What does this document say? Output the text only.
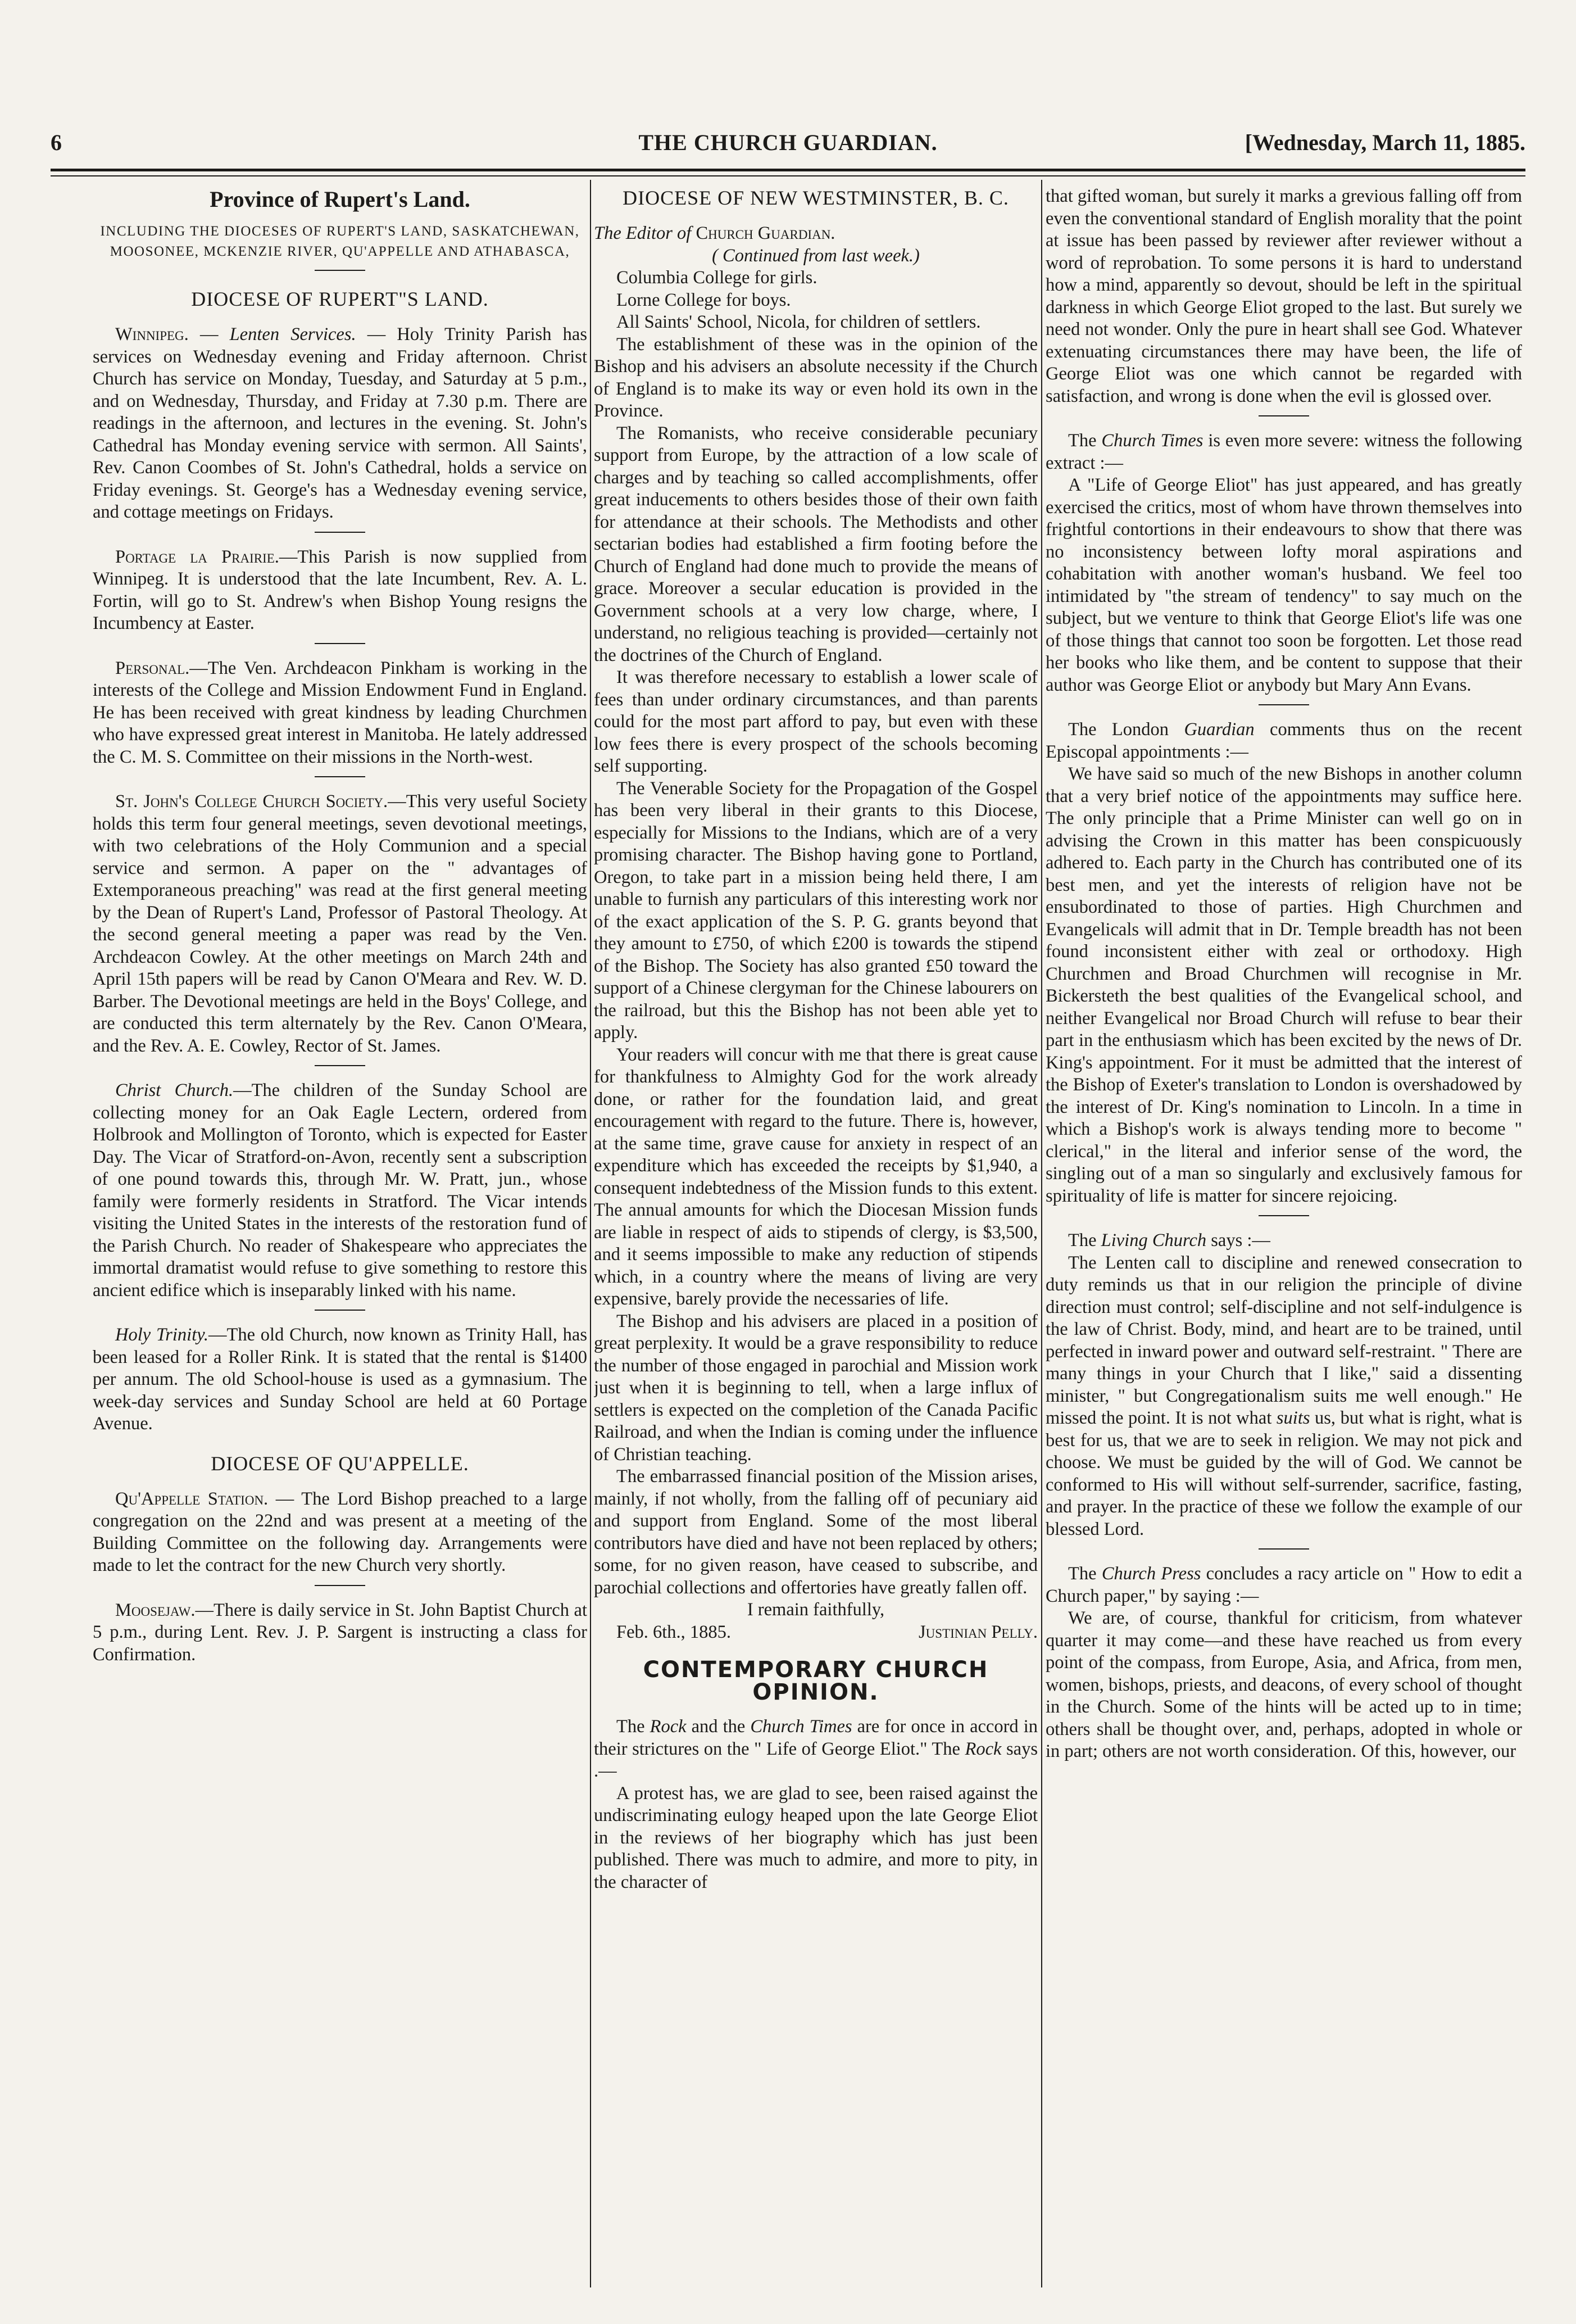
6	THE CHURCH GUARDIAN.	[Wednesday, March 11, 1885.
Province of Rupert's Land.
INCLUDING THE DIOCESES OF RUPERT'S LAND, SASKATCHEWAN, MOOSONEE, MCKENZIE RIVER, QU'APPELLE AND ATHABASCA,
DIOCESE OF RUPERT"S LAND.

Winnipeg. — Lenten Services. — Holy Trinity Parish has services on Wednesday evening and Friday afternoon. Christ Church has service on Monday, Tuesday, and Saturday at 5 p.m., and on Wednesday, Thursday, and Friday at 7.30 p.m. There are readings in the afternoon, and lectures in the evening. St. John's Cathedral has Monday evening service with sermon. All Saints', Rev. Canon Coombes of St. John's Cathedral, holds a service on Friday evenings. St. George's has a Wednesday evening service, and cottage meetings on Fridays.

Portage la Prairie.—This Parish is now supplied from Winnipeg. It is understood that the late Incumbent, Rev. A. L. Fortin, will go to St. Andrew's when Bishop Young resigns the Incumbency at Easter.

Personal.—The Ven. Archdeacon Pinkham is working in the interests of the College and Mission Endowment Fund in England. He has been received with great kindness by leading Churchmen who have expressed great interest in Manitoba. He lately addressed the C. M. S. Committee on their missions in the North-west.

St. John's College Church Society.—This very useful Society holds this term four general meetings, seven devotional meetings, with two celebrations of the Holy Communion and a special service and sermon. A paper on the " advantages of Extemporaneous preaching" was read at the first general meeting by the Dean of Rupert's Land, Professor of Pastoral Theology. At the second general meeting a paper was read by the Ven. Archdeacon Cowley. At the other meetings on March 24th and April 15th papers will be read by Canon O'Meara and Rev. W. D. Barber. The Devotional meetings are held in the Boys' College, and are conducted this term alternately by the Rev. Canon O'Meara, and the Rev. A. E. Cowley, Rector of St. James.

Christ Church.—The children of the Sunday School are collecting money for an Oak Eagle Lectern, ordered from Holbrook and Mollington of Toronto, which is expected for Easter Day. The Vicar of Stratford-on-Avon, recently sent a subscription of one pound towards this, through Mr. W. Pratt, jun., whose family were formerly residents in Stratford. The Vicar intends visiting the United States in the interests of the restoration fund of the Parish Church. No reader of Shakespeare who appreciates the immortal dramatist would refuse to give something to restore this ancient edifice which is inseparably linked with his name.

Holy Trinity.—The old Church, now known as Trinity Hall, has been leased for a Roller Rink. It is stated that the rental is $1400 per annum. The old School-house is used as a gymnasium. The week-day services and Sunday School are held at 60 Portage Avenue.

DIOCESE OF QU'APPELLE.

Qu'Appelle Station. — The Lord Bishop preached to a large congregation on the 22nd and was present at a meeting of the Building Committee on the following day. Arrangements were made to let the contract for the new Church very shortly.

Moosejaw.—There is daily service in St. John Baptist Church at 5 p.m., during Lent. Rev. J. P. Sargent is instructing a class for Confirmation.

DIOCESE OF NEW WESTMINSTER, B. C.

The Editor of Church Guardian.

( Continued from last week.)

Columbia College for girls.

Lorne College for boys.

All Saints' School, Nicola, for children of settlers.

The establishment of these was in the opinion of the Bishop and his advisers an absolute necessity if the Church of England is to make its way or even hold its own in the Province.

The Romanists, who receive considerable pecuniary support from Europe, by the attraction of a low scale of charges and by teaching so called accomplishments, offer great inducements to others besides those of their own faith for attendance at their schools. The Methodists and other sectarian bodies had established a firm footing before the Church of England had done much to provide the means of grace. Moreover a secular education is provided in the Government schools at a very low charge, where, I understand, no religious teaching is provided—certainly not the doctrines of the Church of England.

It was therefore necessary to establish a lower scale of fees than under ordinary circumstances, and than parents could for the most part afford to pay, but even with these low fees there is every prospect of the schools becoming self supporting.

The Venerable Society for the Propagation of the Gospel has been very liberal in their grants to this Diocese, especially for Missions to the Indians, which are of a very promising character. The Bishop having gone to Portland, Oregon, to take part in a mission being held there, I am unable to furnish any particulars of this interesting work nor of the exact application of the S. P. G. grants beyond that they amount to £750, of which £200 is towards the stipend of the Bishop. The Society has also granted £50 toward the support of a Chinese clergyman for the Chinese labourers on the railroad, but this the Bishop has not been able yet to apply.

Your readers will concur with me that there is great cause for thankfulness to Almighty God for the work already done, or rather for the foundation laid, and great encouragement with regard to the future. There is, however, at the same time, grave cause for anxiety in respect of an expenditure which has exceeded the receipts by $1,940, a consequent indebtedness of the Mission funds to this extent. The annual amounts for which the Diocesan Mission funds are liable in respect of aids to stipends of clergy, is $3,500, and it seems impossible to make any reduction of stipends which, in a country where the means of living are very expensive, barely provide the necessaries of life.

The Bishop and his advisers are placed in a position of great perplexity. It would be a grave responsibility to reduce the number of those engaged in parochial and Mission work just when it is beginning to tell, when a large influx of settlers is expected on the completion of the Canada Pacific Railroad, and when the Indian is coming under the influence of Christian teaching.

The embarrassed financial position of the Mission arises, mainly, if not wholly, from the falling off of pecuniary aid and support from England. Some of the most liberal contributors have died and have not been replaced by others; some, for no given reason, have ceased to subscribe, and parochial collections and offertories have greatly fallen off.

I remain faithfully,

Feb. 6th., 1885.	Justinian Pelly.

CONTEMPORARY CHURCH OPINION.

The Rock and the Church Times are for once in accord in their strictures on the " Life of George Eliot." The Rock says .—

A protest has, we are glad to see, been raised against the undiscriminating eulogy heaped upon the late George Eliot in the reviews of her biography which has just been published. There was much to admire, and more to pity, in the character of

that gifted woman, but surely it marks a grevious falling off from even the conventional standard of English morality that the point at issue has been passed by reviewer after reviewer without a word of reprobation. To some persons it is hard to understand how a mind, apparently so devout, should be left in the spiritual darkness in which George Eliot groped to the last. But surely we need not wonder. Only the pure in heart shall see God. Whatever extenuating circumstances there may have been, the life of George Eliot was one which cannot be regarded with satisfaction, and wrong is done when the evil is glossed over.

The Church Times is even more severe: witness the following extract :—

A "Life of George Eliot" has just appeared, and has greatly exercised the critics, most of whom have thrown themselves into frightful contortions in their endeavours to show that there was no inconsistency between lofty moral aspirations and cohabitation with another woman's husband. We feel too intimidated by "the stream of tendency" to say much on the subject, but we venture to think that George Eliot's life was one of those things that cannot too soon be forgotten. Let those read her books who like them, and be content to suppose that their author was George Eliot or anybody but Mary Ann Evans.

The London Guardian comments thus on the recent Episcopal appointments :—

We have said so much of the new Bishops in another column that a very brief notice of the appointments may suffice here. The only principle that a Prime Minister can well go on in advising the Crown in this matter has been conspicuously adhered to. Each party in the Church has contributed one of its best men, and yet the interests of religion have not be ensubordinated to those of parties. High Churchmen and Evangelicals will admit that in Dr. Temple breadth has not been found inconsistent either with zeal or orthodoxy. High Churchmen and Broad Churchmen will recognise in Mr. Bickersteth the best qualities of the Evangelical school, and neither Evangelical nor Broad Church will refuse to bear their part in the enthusiasm which has been excited by the news of Dr. King's appointment. For it must be admitted that the interest of the Bishop of Exeter's translation to London is overshadowed by the interest of Dr. King's nomination to Lincoln. In a time in which a Bishop's work is always tending more to become " clerical," in the literal and inferior sense of the word, the singling out of a man so singularly and exclusively famous for spirituality of life is matter for sincere rejoicing.

The Living Church says :—

The Lenten call to discipline and renewed consecration to duty reminds us that in our religion the principle of divine direction must control; self-discipline and not self-indulgence is the law of Christ. Body, mind, and heart are to be trained, until perfected in inward power and outward self-restraint. " There are many things in your Church that I like," said a dissenting minister, " but Congregationalism suits me well enough." He missed the point. It is not what suits us, but what is right, what is best for us, that we are to seek in religion. We may not pick and choose. We must be guided by the will of God. We cannot be conformed to His will without self-surrender, sacrifice, fasting, and prayer. In the practice of these we follow the example of our blessed Lord.

The Church Press concludes a racy article on " How to edit a Church paper," by saying :—

We are, of course, thankful for criticism, from whatever quarter it may come—and these have reached us from every point of the compass, from Europe, Asia, and Africa, from men, women, bishops, priests, and deacons, of every school of thought in the Church. Some of the hints will be acted up to in time; others shall be thought over, and, perhaps, adopted in whole or in part; others are not worth consideration. Of this, however, our
